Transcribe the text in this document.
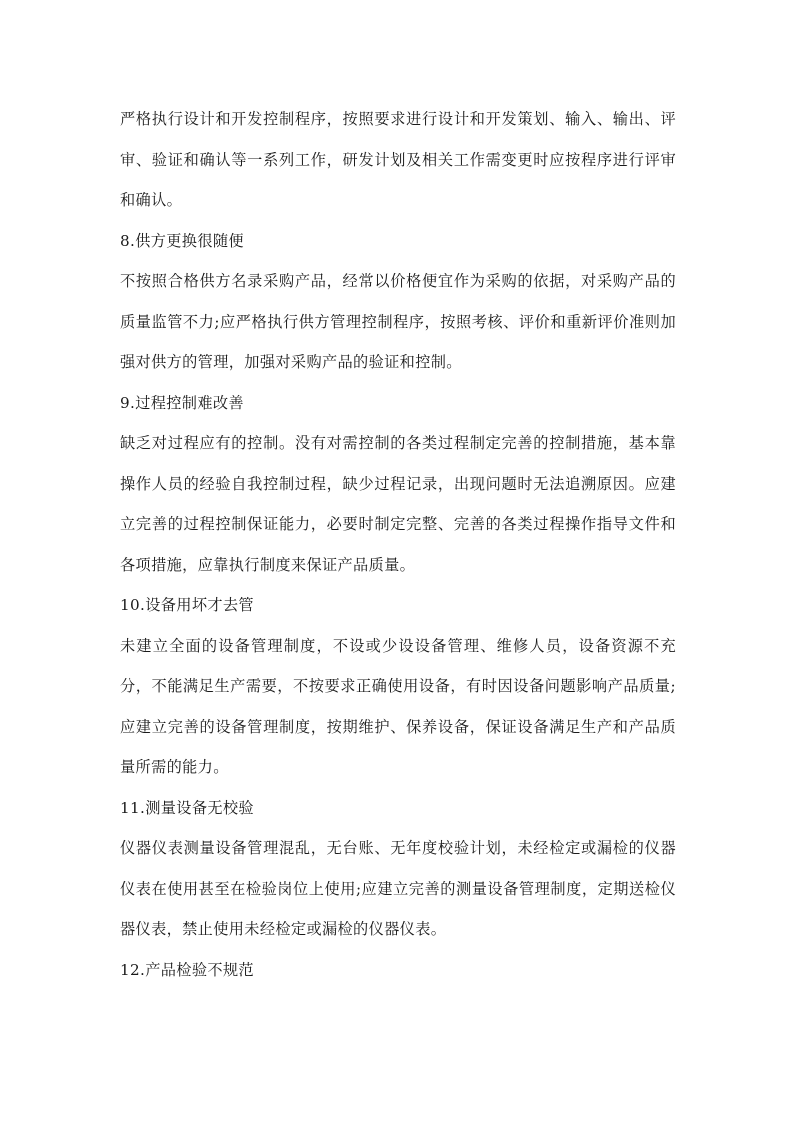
严格执行设计和开发控制程序，按照要求进行设计和开发策划、输入、输出、评审、验证和确认等一系列工作，研发计划及相关工作需变更时应按程序进行评审和确认。

8.供方更换很随便

不按照合格供方名录采购产品，经常以价格便宜作为采购的依据，对采购产品的质量监管不力;应严格执行供方管理控制程序，按照考核、评价和重新评价准则加强对供方的管理，加强对采购产品的验证和控制。

9.过程控制难改善

缺乏对过程应有的控制。没有对需控制的各类过程制定完善的控制措施，基本靠操作人员的经验自我控制过程，缺少过程记录，出现问题时无法追溯原因。应建立完善的过程控制保证能力，必要时制定完整、完善的各类过程操作指导文件和各项措施，应靠执行制度来保证产品质量。

10.设备用坏才去管

未建立全面的设备管理制度，不设或少设设备管理、维修人员，设备资源不充分，不能满足生产需要，不按要求正确使用设备，有时因设备问题影响产品质量;应建立完善的设备管理制度，按期维护、保养设备，保证设备满足生产和产品质量所需的能力。

11.测量设备无校验

仪器仪表测量设备管理混乱，无台账、无年度校验计划，未经检定或漏检的仪器仪表在使用甚至在检验岗位上使用;应建立完善的测量设备管理制度，定期送检仪器仪表，禁止使用未经检定或漏检的仪器仪表。

12.产品检验不规范
